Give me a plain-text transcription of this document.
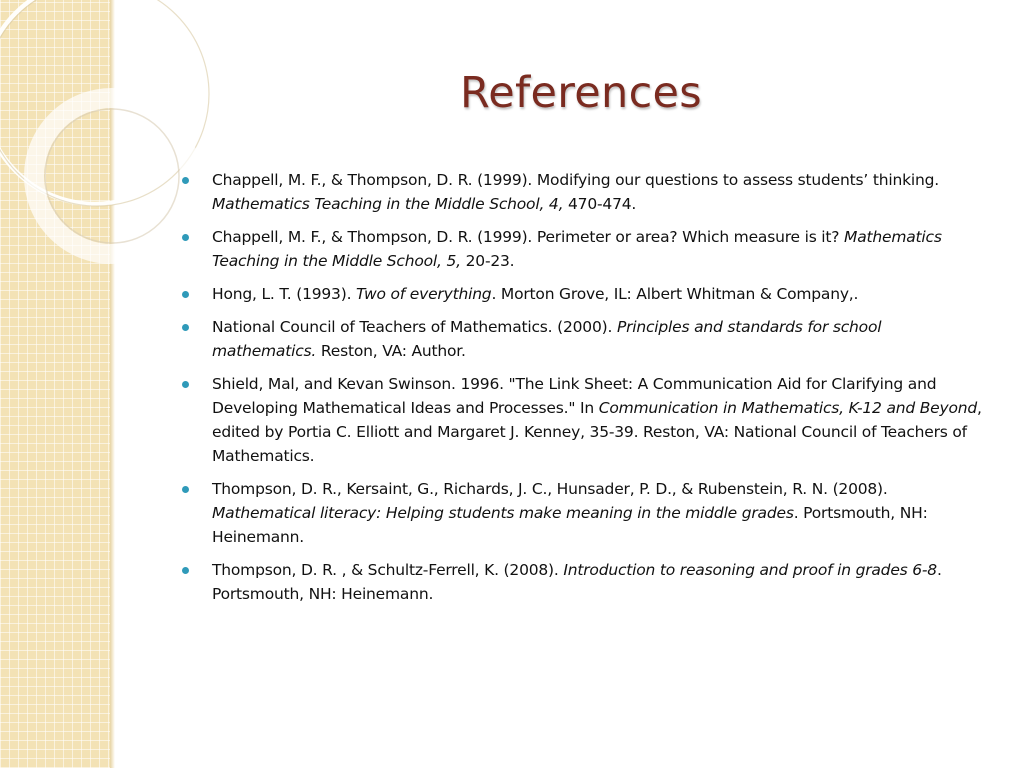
References
Chappell, M. F., & Thompson, D. R. (1999). Modifying our questions to assess students’ thinking. Mathematics Teaching in the Middle School, 4, 470-474.
Chappell, M. F., & Thompson, D. R. (1999). Perimeter or area? Which measure is it? Mathematics Teaching in the Middle School, 5, 20-23.
Hong, L. T. (1993). Two of everything. Morton Grove, IL: Albert Whitman & Company,.
National Council of Teachers of Mathematics. (2000). Principles and standards for school mathematics. Reston, VA: Author.
Shield, Mal, and Kevan Swinson. 1996. "The Link Sheet: A Communication Aid for Clarifying and Developing Mathematical Ideas and Processes." In Communication in Mathematics, K-12 and Beyond, edited by Portia C. Elliott and Margaret J. Kenney, 35-39. Reston, VA: National Council of Teachers of Mathematics.
Thompson, D. R., Kersaint, G., Richards, J. C., Hunsader, P. D., & Rubenstein, R. N. (2008). Mathematical literacy: Helping students make meaning in the middle grades. Portsmouth, NH: Heinemann.
Thompson, D. R. , & Schultz-Ferrell, K. (2008). Introduction to reasoning and proof in grades 6-8. Portsmouth, NH: Heinemann.
